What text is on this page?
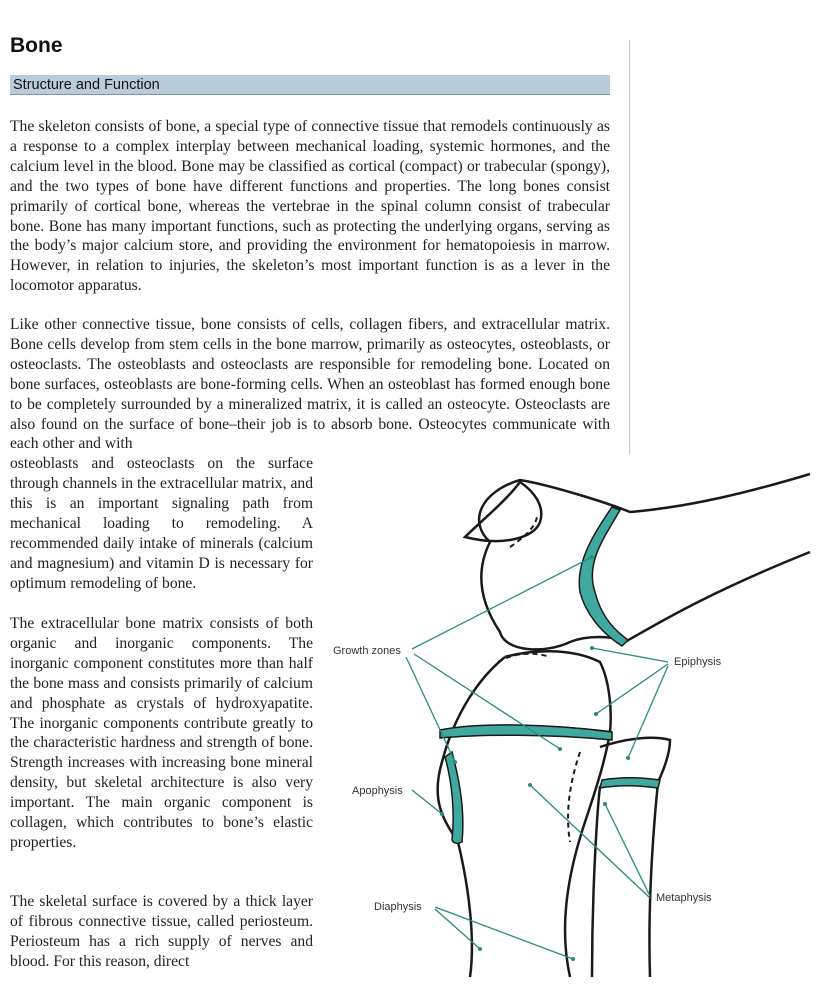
Bone
Structure and Function

The skeleton consists of bone, a special type of connective tissue that remodels continuously as a response to a complex interplay between mechanical loading, systemic hormones, and the calcium level in the blood. Bone may be classified as cortical (compact) or trabecular (spongy), and the two types of bone have different functions and properties. The long bones consist primarily of cortical bone, whereas the vertebrae in the spinal column consist of trabecular bone. Bone has many important functions, such as protecting the underlying organs, serving as the body’s major calcium store, and providing the environment for hematopoiesis in marrow. However, in relation to injuries, the skeleton’s most important function is as a lever in the locomotor apparatus.

Like other connective tissue, bone consists of cells, collagen fibers, and extracellular matrix. Bone cells develop from stem cells in the bone marrow, primarily as osteocytes, osteoblasts, or osteoclasts. The osteoblasts and osteoclasts are responsible for remodeling bone. Located on bone surfaces, osteoblasts are bone-forming cells. When an osteoblast has formed enough bone to be completely surrounded by a mineralized matrix, it is called an osteocyte. Osteoclasts are also found on the surface of bone–their job is to absorb bone. Osteocytes communicate with each other and with
osteoblasts and osteoclasts on the surface through channels in the extracellular matrix, and this is an important signaling path from mechanical loading to remodeling. A recommended daily intake of minerals (calcium and magnesium) and vitamin D is necessary for optimum remodeling of bone.

The extracellular bone matrix consists of both organic and inorganic components. The inorganic component constitutes more than half the bone mass and consists primarily of calcium and phosphate as crystals of hydroxyapatite. The inorganic components contribute greatly to the characteristic hardness and strength of bone. Strength increases with increasing bone mineral density, but skeletal architecture is also very important. The main organic component is collagen, which contributes to bone’s elastic properties.

The skeletal surface is covered by a thick layer of fibrous connective tissue, called periosteum. Periosteum has a rich supply of nerves and blood. For this reason, direct

Growth zones
Epiphysis
Apophysis
Metaphysis
Diaphysis
